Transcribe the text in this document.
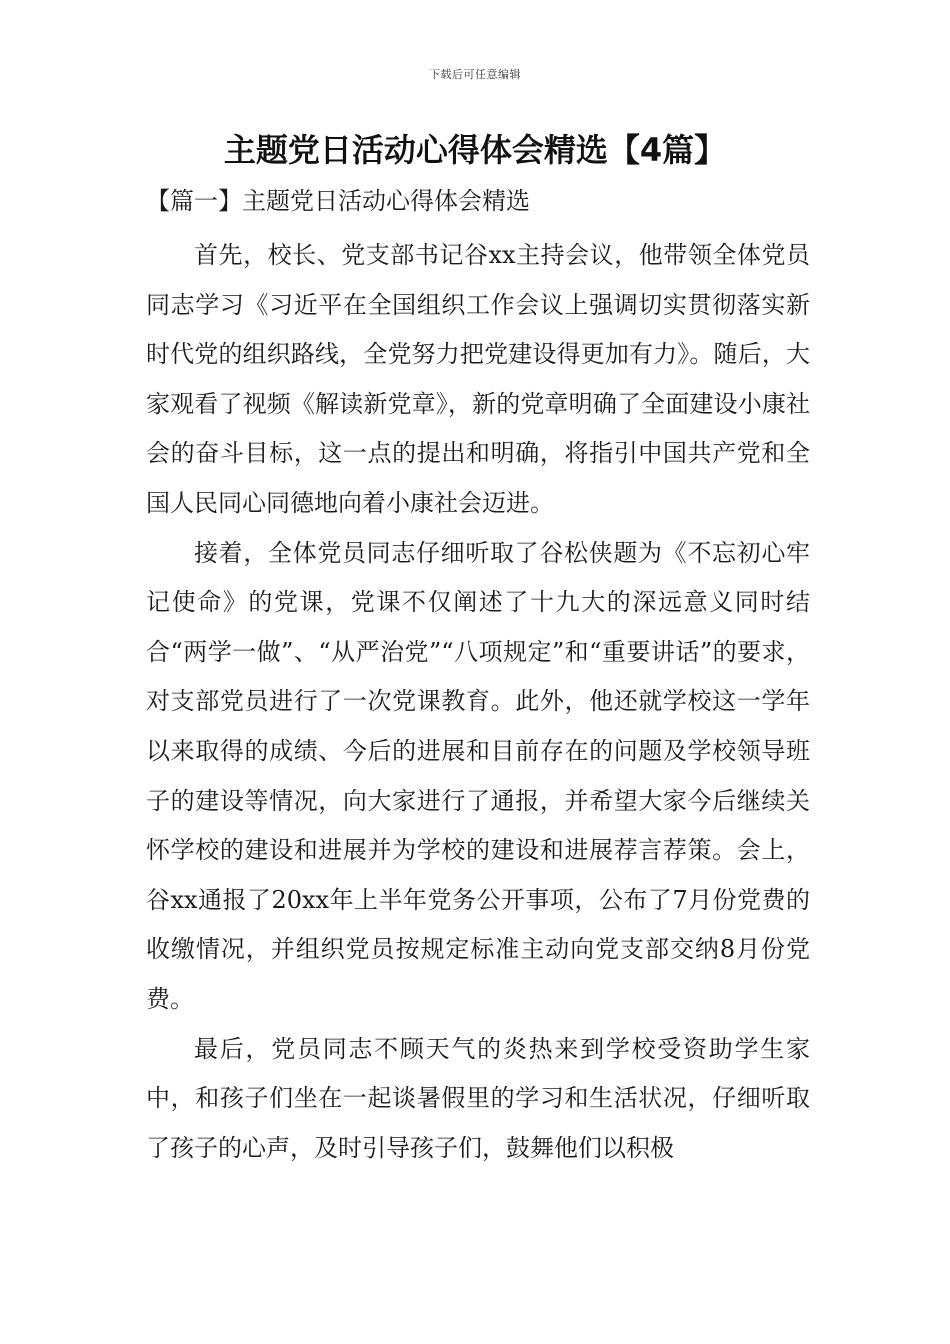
下载后可任意编辑
主题党日活动心得体会精选【4篇】
【篇一】主题党日活动心得体会精选

首先，校长、党支部书记谷xx主持会议，他带领全体党员同志学习《习近平在全国组织工作会议上强调切实贯彻落实新时代党的组织路线，全党努力把党建设得更加有力》。随后，大家观看了视频《解读新党章》，新的党章明确了全面建设小康社会的奋斗目标，这一点的提出和明确，将指引中国共产党和全国人民同心同德地向着小康社会迈进。

接着，全体党员同志仔细听取了谷松侠题为《不忘初心牢记使命》的党课，党课不仅阐述了十九大的深远意义同时结合“两学一做”、“从严治党”“八项规定”和“重要讲话”的要求，对支部党员进行了一次党课教育。此外，他还就学校这一学年以来取得的成绩、今后的进展和目前存在的问题及学校领导班子的建设等情况，向大家进行了通报，并希望大家今后继续关怀学校的建设和进展并为学校的建设和进展荐言荐策。会上，谷xx通报了20xx年上半年党务公开事项，公布了7月份党费的收缴情况，并组织党员按规定标准主动向党支部交纳8月份党费。

最后，党员同志不顾天气的炎热来到学校受资助学生家中，和孩子们坐在一起谈暑假里的学习和生活状况，仔细听取了孩子的心声，及时引导孩子们，鼓舞他们以积极
